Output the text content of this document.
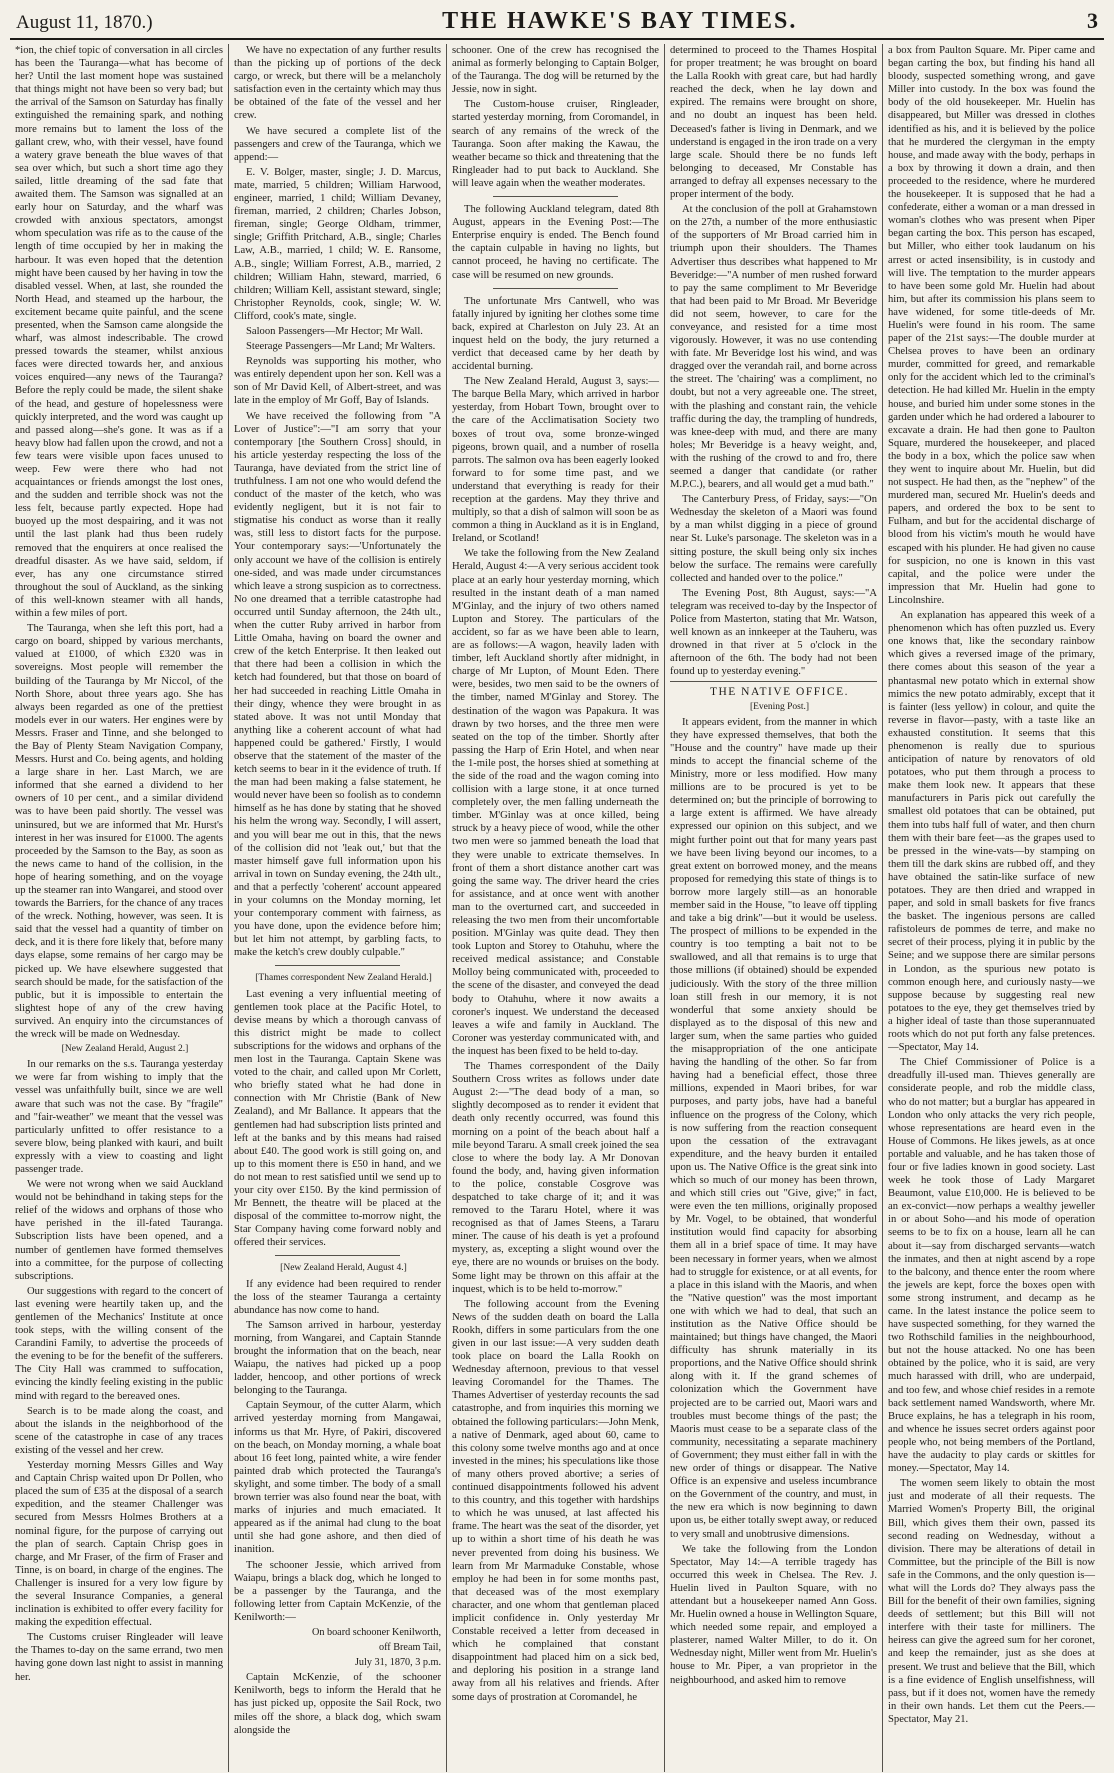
August 11, 1870.)	THE HAWKE'S BAY TIMES.	3

*ion, the chief topic of conversation in all circles has been the Tauranga—what has become of her? Until the last moment hope was sustained that things might not have been so very bad; but the arrival of the Samson on Saturday has finally extinguished the remaining spark, and nothing more remains but to lament the loss of the gallant crew, who, with their vessel, have found a watery grave beneath the blue waves of that sea over which, but such a short time ago they sailed, little dreaming of the sad fate that awaited them. The Samson was signalled at an early hour on Saturday, and the wharf was crowded with anxious spectators, amongst whom speculation was rife as to the cause of the length of time occupied by her in making the harbour. It was even hoped that the detention might have been caused by her having in tow the disabled vessel. When, at last, she rounded the North Head, and steamed up the harbour, the excitement became quite painful, and the scene presented, when the Samson came alongside the wharf, was almost indescribable. The crowd pressed towards the steamer, whilst anxious faces were directed towards her, and anxious voices enquired—any news of the Tauranga? Before the reply could be made, the silent shake of the head, and gesture of hopelessness were quickly interpreted, and the word was caught up and passed along—she's gone. It was as if a heavy blow had fallen upon the crowd, and not a few tears were visible upon faces unused to weep. Few were there who had not acquaintances or friends amongst the lost ones, and the sudden and terrible shock was not the less felt, because partly expected. Hope had buoyed up the most despairing, and it was not until the last plank had thus been rudely removed that the enquirers at once realised the dreadful disaster. As we have said, seldom, if ever, has any one circumstance stirred throughout the soul of Auckland, as the sinking of this well-known steamer with all hands, within a few miles of port.

The Tauranga, when she left this port, had a cargo on board, shipped by various merchants, valued at £1000, of which £320 was in sovereigns. Most people will remember the building of the Tauranga by Mr Niccol, of the North Shore, about three years ago. She has always been regarded as one of the prettiest models ever in our waters. Her engines were by Messrs. Fraser and Tinne, and she belonged to the Bay of Plenty Steam Navigation Company, Messrs. Hurst and Co. being agents, and holding a large share in her. Last March, we are informed that she earned a dividend to her owners of 10 per cent., and a similar dividend was to have been paid shortly. The vessel was uninsured, but we are informed that Mr. Hurst's interest in her was insured for £1000. The agents proceeded by the Samson to the Bay, as soon as the news came to hand of the collision, in the hope of hearing something, and on the voyage up the steamer ran into Wangarei, and stood over towards the Barriers, for the chance of any traces of the wreck. Nothing, however, was seen. It is said that the vessel had a quantity of timber on deck, and it is there fore likely that, before many days elapse, some remains of her cargo may be picked up. We have elsewhere suggested that search should be made, for the satisfaction of the public, but it is impossible to entertain the slightest hope of any of the crew having survived. An enquiry into the circumstances of the wreck will be made on Wednesday.

[New Zealand Herald, August 2.]

In our remarks on the s.s. Tauranga yesterday we were far from wishing to imply that the vessel was unfaithfully built, since we are well aware that such was not the case. By "fragile" and "fair-weather" we meant that the vessel was particularly unfitted to offer resistance to a severe blow, being planked with kauri, and built expressly with a view to coasting and light passenger trade.

We were not wrong when we said Auckland would not be behindhand in taking steps for the relief of the widows and orphans of those who have perished in the ill-fated Tauranga. Subscription lists have been opened, and a number of gentlemen have formed themselves into a committee, for the purpose of collecting subscriptions.

Our suggestions with regard to the concert of last evening were heartily taken up, and the gentlemen of the Mechanics' Institute at once took steps, with the willing consent of the Carandini Family, to advertise the proceeds of the evening to be for the benefit of the sufferers. The City Hall was crammed to suffocation, evincing the kindly feeling existing in the public mind with regard to the bereaved ones.

Search is to be made along the coast, and about the islands in the neighborhood of the scene of the catastrophe in case of any traces existing of the vessel and her crew.

Yesterday morning Messrs Gilles and Way and Captain Chrisp waited upon Dr Pollen, who placed the sum of £35 at the disposal of a search expedition, and the steamer Challenger was secured from Messrs Holmes Brothers at a nominal figure, for the purpose of carrying out the plan of search. Captain Chrisp goes in charge, and Mr Fraser, of the firm of Fraser and Tinne, is on board, in charge of the engines. The Challenger is insured for a very low figure by the several Insurance Companies, a general inclination is exhibited to offer every facility for making the expedition effectual.

The Customs cruiser Ringleader will leave the Thames to-day on the same errand, two men having gone down last night to assist in manning her.

We have no expectation of any further results than the picking up of portions of the deck cargo, or wreck, but there will be a melancholy satisfaction even in the certainty which may thus be obtained of the fate of the vessel and her crew.

We have secured a complete list of the passengers and crew of the Tauranga, which we append:—

E. V. Bolger, master, single; J. D. Marcus, mate, married, 5 children; William Harwood, engineer, married, 1 child; William Devaney, fireman, married, 2 children; Charles Jobson, fireman, single; George Oldham, trimmer, single; Griffith Pritchard, A.B., single; Charles Law, A.B., married, 1 child; W. E. Ransome, A.B., single; William Forrest, A.B., married, 2 children; William Hahn, steward, married, 6 children; William Kell, assistant steward, single; Christopher Reynolds, cook, single; W. W. Clifford, cook's mate, single.

Saloon Passengers—Mr Hector; Mr Wall.

Steerage Passengers—Mr Land; Mr Walters.

Reynolds was supporting his mother, who was entirely dependent upon her son. Kell was a son of Mr David Kell, of Albert-street, and was late in the employ of Mr Goff, Bay of Islands.

We have received the following from "A Lover of Justice":—"I am sorry that your contemporary [the Southern Cross] should, in his article yesterday respecting the loss of the Tauranga, have deviated from the strict line of truthfulness. I am not one who would defend the conduct of the master of the ketch, who was evidently negligent, but it is not fair to stigmatise his conduct as worse than it really was, still less to distort facts for the purpose. Your contemporary says:—'Unfortunately the only account we have of the collision is entirely one-sided, and was made under circumstances which leave a strong suspicion as to correctness. No one dreamed that a terrible catastrophe had occurred until Sunday afternoon, the 24th ult., when the cutter Ruby arrived in harbor from Little Omaha, having on board the owner and crew of the ketch Enterprise. It then leaked out that there had been a collision in which the ketch had foundered, but that those on board of her had succeeded in reaching Little Omaha in their dingy, whence they were brought in as stated above. It was not until Monday that anything like a coherent account of what had happened could be gathered.' Firstly, I would observe that the statement of the master of the ketch seems to bear in it the evidence of truth. If the man had been making a false statement, he would never have been so foolish as to condemn himself as he has done by stating that he shoved his helm the wrong way. Secondly, I will assert, and you will bear me out in this, that the news of the collision did not 'leak out,' but that the master himself gave full information upon his arrival in town on Sunday evening, the 24th ult., and that a perfectly 'coherent' account appeared in your columns on the Monday morning, let your contemporary comment with fairness, as you have done, upon the evidence before him; but let him not attempt, by garbling facts, to make the ketch's crew doubly culpable."

[Thames correspondent New Zealand Herald.]

Last evening a very influential meeting of gentlemen took place at the Pacific Hotel, to devise means by which a thorough canvass of this district might be made to collect subscriptions for the widows and orphans of the men lost in the Tauranga. Captain Skene was voted to the chair, and called upon Mr Corlett, who briefly stated what he had done in connection with Mr Christie (Bank of New Zealand), and Mr Ballance. It appears that the gentlemen had had subscription lists printed and left at the banks and by this means had raised about £40. The good work is still going on, and up to this moment there is £50 in hand, and we do not mean to rest satisfied until we send up to your city over £150. By the kind permission of Mr Bennett, the theatre will be placed at the disposal of the committee to-morrow night, the Star Company having come forward nobly and offered their services.

[New Zealand Herald, August 4.]

If any evidence had been required to render the loss of the steamer Tauranga a certainty abundance has now come to hand.

The Samson arrived in harbour, yesterday morning, from Wangarei, and Captain Stannde brought the information that on the beach, near Waiapu, the natives had picked up a poop ladder, hencoop, and other portions of wreck belonging to the Tauranga.

Captain Seymour, of the cutter Alarm, which arrived yesterday morning from Mangawai, informs us that Mr. Hyre, of Pakiri, discovered on the beach, on Monday morning, a whale boat about 16 feet long, painted white, a wire fender painted drab which protected the Tauranga's skylight, and some timber. The body of a small brown terrier was also found near the boat, with marks of injuries and much emaciated. It appeared as if the animal had clung to the boat until she had gone ashore, and then died of inanition.

The schooner Jessie, which arrived from Waiapu, brings a black dog, which he longed to be a passenger by the Tauranga, and the following letter from Captain McKenzie, of the Kenilworth:—

On board schooner Kenilworth,

off Bream Tail,

July 31, 1870, 3 p.m.

Captain McKenzie, of the schooner Kenilworth, begs to inform the Herald that he has just picked up, opposite the Sail Rock, two miles off the shore, a black dog, which swam alongside the

schooner. One of the crew has recognised the animal as formerly belonging to Captain Bolger, of the Tauranga. The dog will be returned by the Jessie, now in sight.

The Custom-house cruiser, Ringleader, started yesterday morning, from Coromandel, in search of any remains of the wreck of the Tauranga. Soon after making the Kawau, the weather became so thick and threatening that the Ringleader had to put back to Auckland. She will leave again when the weather moderates.

The following Auckland telegram, dated 8th August, appears in the Evening Post:—The Enterprise enquiry is ended. The Bench found the captain culpable in having no lights, but cannot proceed, he having no certificate. The case will be resumed on new grounds.

The unfortunate Mrs Cantwell, who was fatally injured by igniting her clothes some time back, expired at Charleston on July 23. At an inquest held on the body, the jury returned a verdict that deceased came by her death by accidental burning.

The New Zealand Herald, August 3, says:—The barque Bella Mary, which arrived in harbor yesterday, from Hobart Town, brought over to the care of the Acclimatisation Society two boxes of trout ova, some bronze-winged pigeons, brown quail, and a number of rosella parrots. The salmon ova has been eagerly looked forward to for some time past, and we understand that everything is ready for their reception at the gardens. May they thrive and multiply, so that a dish of salmon will soon be as common a thing in Auckland as it is in England, Ireland, or Scotland!

We take the following from the New Zealand Herald, August 4:—A very serious accident took place at an early hour yesterday morning, which resulted in the instant death of a man named M'Ginlay, and the injury of two others named Lupton and Storey. The particulars of the accident, so far as we have been able to learn, are as follows:—A wagon, heavily laden with timber, left Auckland shortly after midnight, in charge of Mr Lupton, of Mount Eden. There were, besides, two men said to be the owners of the timber, named M'Ginlay and Storey. The destination of the wagon was Papakura. It was drawn by two horses, and the three men were seated on the top of the timber. Shortly after passing the Harp of Erin Hotel, and when near the 1-mile post, the horses shied at something at the side of the road and the wagon coming into collision with a large stone, it at once turned completely over, the men falling underneath the timber. M'Ginlay was at once killed, being struck by a heavy piece of wood, while the other two men were so jammed beneath the load that they were unable to extricate themselves. In front of them a short distance another cart was going the same way. The driver heard the cries for assistance, and at once went with another man to the overturned cart, and succeeded in releasing the two men from their uncomfortable position. M'Ginlay was quite dead. They then took Lupton and Storey to Otahuhu, where the received medical assistance; and Constable Molloy being communicated with, proceeded to the scene of the disaster, and conveyed the dead body to Otahuhu, where it now awaits a coroner's inquest. We understand the deceased leaves a wife and family in Auckland. The Coroner was yesterday communicated with, and the inquest has been fixed to be held to-day.

The Thames correspondent of the Daily Southern Cross writes as follows under date August 2:—"The dead body of a man, so slightly decomposed as to render it evident that death only recently occurred, was found this morning on a point of the beach about half a mile beyond Tararu. A small creek joined the sea close to where the body lay. A Mr Donovan found the body, and, having given information to the police, constable Cosgrove was despatched to take charge of it; and it was removed to the Tararu Hotel, where it was recognised as that of James Steens, a Tararu miner. The cause of his death is yet a profound mystery, as, excepting a slight wound over the eye, there are no wounds or bruises on the body. Some light may be thrown on this affair at the inquest, which is to be held to-morrow."

The following account from the Evening News of the sudden death on board the Lalla Rookh, differs in some particulars from the one given in our last issue:—A very sudden death took place on board the Lalla Rookh on Wednesday afternoon, previous to that vessel leaving Coromandel for the Thames. The Thames Advertiser of yesterday recounts the sad catastrophe, and from inquiries this morning we obtained the following particulars:—John Menk, a native of Denmark, aged about 60, came to this colony some twelve months ago and at once invested in the mines; his speculations like those of many others proved abortive; a series of continued disappointments followed his advent to this country, and this together with hardships to which he was unused, at last affected his frame. The heart was the seat of the disorder, yet up to within a short time of his death he was never prevented from doing his business. We learn from Mr Marmaduke Constable, whose employ he had been in for some months past, that deceased was of the most exemplary character, and one whom that gentleman placed implicit confidence in. Only yesterday Mr Constable received a letter from deceased in which he complained that constant disappointment had placed him on a sick bed, and deploring his position in a strange land away from all his relatives and friends. After some days of prostration at Coromandel, he

determined to proceed to the Thames Hospital for proper treatment; he was brought on board the Lalla Rookh with great care, but had hardly reached the deck, when he lay down and expired. The remains were brought on shore, and no doubt an inquest has been held. Deceased's father is living in Denmark, and we understand is engaged in the iron trade on a very large scale. Should there be no funds left belonging to deceased, Mr Constable has arranged to defray all expenses necessary to the proper interment of the body.

At the conclusion of the poll at Grahamstown on the 27th, a number of the more enthusiastic of the supporters of Mr Broad carried him in triumph upon their shoulders. The Thames Advertiser thus describes what happened to Mr Beveridge:—"A number of men rushed forward to pay the same compliment to Mr Beveridge that had been paid to Mr Broad. Mr Beveridge did not seem, however, to care for the conveyance, and resisted for a time most vigorously. However, it was no use contending with fate. Mr Beveridge lost his wind, and was dragged over the verandah rail, and borne across the street. The 'chairing' was a compliment, no doubt, but not a very agreeable one. The street, with the plashing and constant rain, the vehicle traffic during the day, the trampling of hundreds, was knee-deep with mud, and there are many holes; Mr Beveridge is a heavy weight, and, with the rushing of the crowd to and fro, there seemed a danger that candidate (or rather M.P.C.), bearers, and all would get a mud bath."

The Canterbury Press, of Friday, says:—"On Wednesday the skeleton of a Maori was found by a man whilst digging in a piece of ground near St. Luke's parsonage. The skeleton was in a sitting posture, the skull being only six inches below the surface. The remains were carefully collected and handed over to the police."

The Evening Post, 8th August, says:—"A telegram was received to-day by the Inspector of Police from Masterton, stating that Mr. Watson, well known as an innkeeper at the Tauheru, was drowned in that river at 5 o'clock in the afternoon of the 6th. The body had not been found up to yesterday evening."

THE NATIVE OFFICE.

[Evening Post.]

It appears evident, from the manner in which they have expressed themselves, that both the "House and the country" have made up their minds to accept the financial scheme of the Ministry, more or less modified. How many millions are to be procured is yet to be determined on; but the principle of borrowing to a large extent is affirmed. We have already expressed our opinion on this subject, and we might further point out that for many years past we have been living beyond our incomes, to a great extent on borrowed money, and the means proposed for remedying this state of things is to borrow more largely still—as an honorable member said in the House, "to leave off tippling and take a big drink"—but it would be useless. The prospect of millions to be expended in the country is too tempting a bait not to be swallowed, and all that remains is to urge that those millions (if obtained) should be expended judiciously. With the story of the three million loan still fresh in our memory, it is not wonderful that some anxiety should be displayed as to the disposal of this new and larger sum, when the same parties who guided the misappropriation of the one anticipate having the handling of the other. So far from having had a beneficial effect, those three millions, expended in Maori bribes, for war purposes, and party jobs, have had a baneful influence on the progress of the Colony, which is now suffering from the reaction consequent upon the cessation of the extravagant expenditure, and the heavy burden it entailed upon us. The Native Office is the great sink into which so much of our money has been thrown, and which still cries out "Give, give;" in fact, were even the ten millions, originally proposed by Mr. Vogel, to be obtained, that wonderful institution would find capacity for absorbing them all in a brief space of time. It may have been necessary in former years, when we almost had to struggle for existence, or at all events, for a place in this island with the Maoris, and when the "Native question" was the most important one with which we had to deal, that such an institution as the Native Office should be maintained; but things have changed, the Maori difficulty has shrunk materially in its proportions, and the Native Office should shrink along with it. If the grand schemes of colonization which the Government have projected are to be carried out, Maori wars and troubles must become things of the past; the Maoris must cease to be a separate class of the community, necessitating a separate machinery of Government; they must either fall in with the new order of things or disappear. The Native Office is an expensive and useless incumbrance on the Government of the country, and must, in the new era which is now beginning to dawn upon us, be either totally swept away, or reduced to very small and unobtrusive dimensions.

We take the following from the London Spectator, May 14:—A terrible tragedy has occurred this week in Chelsea. The Rev. J. Huelin lived in Paulton Square, with no attendant but a housekeeper named Ann Goss. Mr. Huelin owned a house in Wellington Square, which needed some repair, and employed a plasterer, named Walter Miller, to do it. On Wednesday night, Miller went from Mr. Huelin's house to Mr. Piper, a van proprietor in the neighbourhood, and asked him to remove

a box from Paulton Square. Mr. Piper came and began carting the box, but finding his hand all bloody, suspected something wrong, and gave Miller into custody. In the box was found the body of the old housekeeper. Mr. Huelin has disappeared, but Miller was dressed in clothes identified as his, and it is believed by the police that he murdered the clergyman in the empty house, and made away with the body, perhaps in a box by throwing it down a drain, and then proceeded to the residence, where he murdered the housekeeper. It is supposed that he had a confederate, either a woman or a man dressed in woman's clothes who was present when Piper began carting the box. This person has escaped, but Miller, who either took laudanum on his arrest or acted insensibility, is in custody and will live. The temptation to the murder appears to have been some gold Mr. Huelin had about him, but after its commission his plans seem to have widened, for some title-deeds of Mr. Huelin's were found in his room. The same paper of the 21st says:—The double murder at Chelsea proves to have been an ordinary murder, committed for greed, and remarkable only for the accident which led to the criminal's detection. He had killed Mr. Huelin in the empty house, and buried him under some stones in the garden under which he had ordered a labourer to excavate a drain. He had then gone to Paulton Square, murdered the housekeeper, and placed the body in a box, which the police saw when they went to inquire about Mr. Huelin, but did not suspect. He had then, as the "nephew" of the murdered man, secured Mr. Huelin's deeds and papers, and ordered the box to be sent to Fulham, and but for the accidental discharge of blood from his victim's mouth he would have escaped with his plunder. He had given no cause for suspicion, no one is known in this vast capital, and the police were under the impression that Mr. Huelin had gone to Lincolnshire.

An explanation has appeared this week of a phenomenon which has often puzzled us. Every one knows that, like the secondary rainbow which gives a reversed image of the primary, there comes about this season of the year a phantasmal new potato which in external show mimics the new potato admirably, except that it is fainter (less yellow) in colour, and quite the reverse in flavor—pasty, with a taste like an exhausted constitution. It seems that this phenomenon is really due to spurious anticipation of nature by renovators of old potatoes, who put them through a process to make them look new. It appears that these manufacturers in Paris pick out carefully the smallest old potatoes that can be obtained, put them into tubs half full of water, and then churn them with their bare feet—as the grapes used to be pressed in the wine-vats—by stamping on them till the dark skins are rubbed off, and they have obtained the satin-like surface of new potatoes. They are then dried and wrapped in paper, and sold in small baskets for five francs the basket. The ingenious persons are called rafistoleurs de pommes de terre, and make no secret of their process, plying it in public by the Seine; and we suppose there are similar persons in London, as the spurious new potato is common enough here, and curiously nasty—we suppose because by suggesting real new potatoes to the eye, they get themselves tried by a higher ideal of taste than those superannuated roots which do not put forth any false pretences.—Spectator, May 14.

The Chief Commissioner of Police is a dreadfully ill-used man. Thieves generally are considerate people, and rob the middle class, who do not matter; but a burglar has appeared in London who only attacks the very rich people, whose representations are heard even in the House of Commons. He likes jewels, as at once portable and valuable, and he has taken those of four or five ladies known in good society. Last week he took those of Lady Margaret Beaumont, value £10,000. He is believed to be an ex-convict—now perhaps a wealthy jeweller in or about Soho—and his mode of operation seems to be to fix on a house, learn all he can about it—say from discharged servants—watch the inmates, and then at night ascend by a rope to the balcony, and thence enter the room where the jewels are kept, force the boxes open with some strong instrument, and decamp as he came. In the latest instance the police seem to have suspected something, for they warned the two Rothschild families in the neighbourhood, but not the house attacked. No one has been obtained by the police, who it is said, are very much harassed with drill, who are underpaid, and too few, and whose chief resides in a remote back settlement named Wandsworth, where Mr. Bruce explains, he has a telegraph in his room, and whence he issues secret orders against poor people who, not being members of the Portland, have the audacity to play cards or skittles for money.—Spectator, May 14.

The women seem likely to obtain the most just and moderate of all their requests. The Married Women's Property Bill, the original Bill, which gives them their own, passed its second reading on Wednesday, without a division. There may be alterations of detail in Committee, but the principle of the Bill is now safe in the Commons, and the only question is—what will the Lords do? They always pass the Bill for the benefit of their own families, signing deeds of settlement; but this Bill will not interfere with their taste for milliners. The heiress can give the agreed sum for her coronet, and keep the remainder, just as she does at present. We trust and believe that the Bill, which is a fine evidence of English unselfishness, will pass, but if it does not, women have the remedy in their own hands. Let them cut the Peers.—Spectator, May 21.
